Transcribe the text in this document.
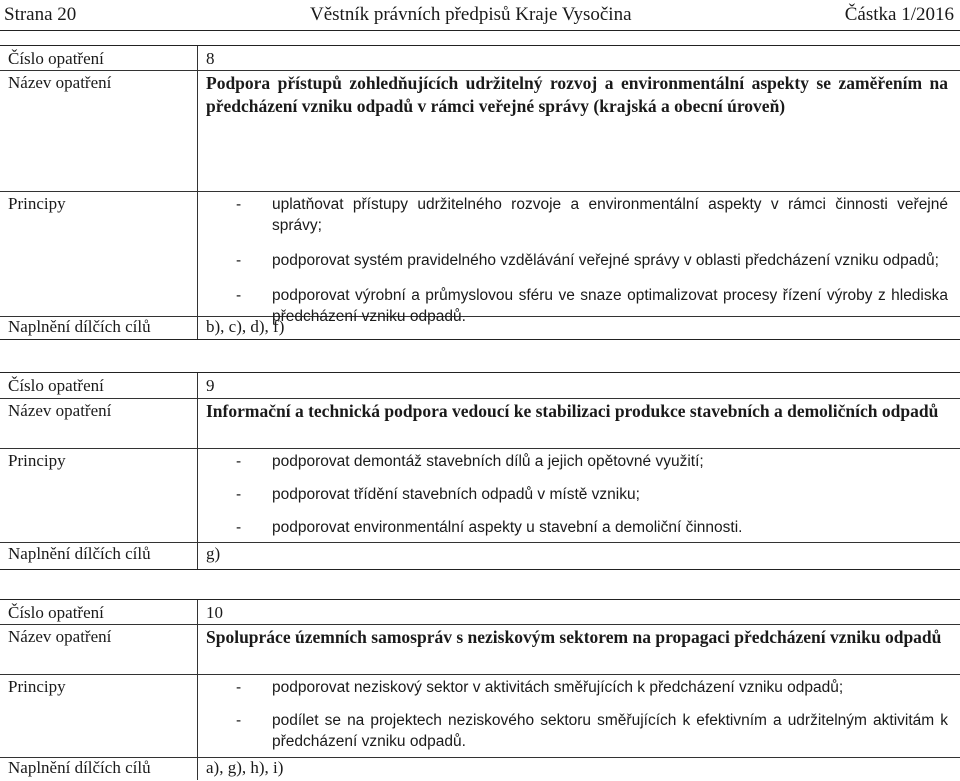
Strana 20	Věstník právních předpisů Kraje Vysočina	Částka 1/2016
Číslo opatření	8
Název opatření	Podpora přístupů zohledňujících udržitelný rozvoj a environmentální aspekty se zaměřením na předcházení vzniku odpadů v rámci veřejné správy (krajská a obecní úroveň)
Principy	- uplatňovat přístupy udržitelného rozvoje a environmentální aspekty v rámci činnosti veřejné správy;
- podporovat systém pravidelného vzdělávání veřejné správy v oblasti předcházení vzniku odpadů;
- podporovat výrobní a průmyslovou sféru ve snaze optimalizovat procesy řízení výroby z hlediska předcházení vzniku odpadů.
Naplnění dílčích cílů	b), c), d), f)
Číslo opatření	9
Název opatření	Informační a technická podpora vedoucí ke stabilizaci produkce stavebních a demoličních odpadů
Principy	- podporovat demontáž stavebních dílů a jejich opětovné využití;
- podporovat třídění stavebních odpadů v místě vzniku;
- podporovat environmentální aspekty u stavební a demoliční činnosti.
Naplnění dílčích cílů	g)
Číslo opatření	10
Název opatření	Spolupráce územních samospráv s neziskovým sektorem na propagaci předcházení vzniku odpadů
Principy	- podporovat neziskový sektor v aktivitách směřujících k předcházení vzniku odpadů;
- podílet se na projektech neziskového sektoru směřujících k efektivním a udržitelným aktivitám k předcházení vzniku odpadů.
Naplnění dílčích cílů	a), g), h), i)
